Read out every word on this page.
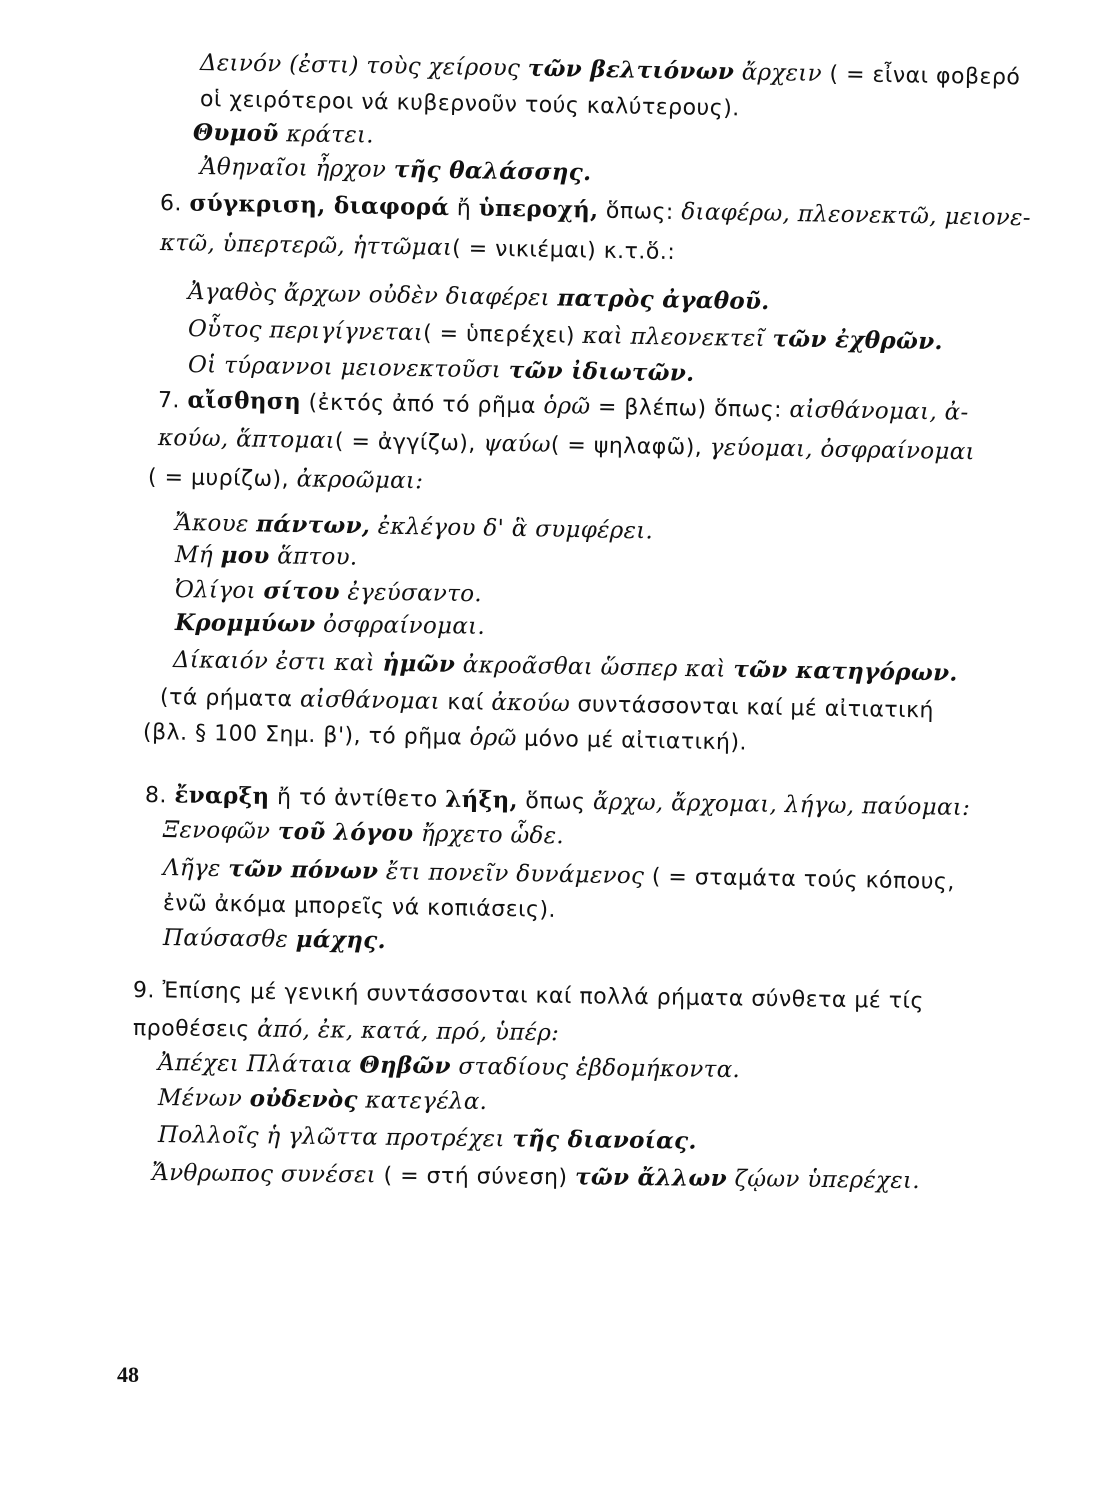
Δεινόν (ἐστι) τοὺς χείρους τῶν βελτιόνων ἄρχειν ( = εἶναι φοβερό
οἱ χειρότεροι νά κυβερνοῦν τούς καλύτερους).
Θυμοῦ κράτει.
Ἀθηναῖοι ἦρχον τῆς θαλάσσης.
6. σύγκριση, διαφορά ἤ ὑπεροχή, ὅπως: διαφέρω, πλεονεκτῶ, μειονε-
κτῶ, ὑπερτερῶ, ἡττῶμαι( = νικιέμαι) κ.τ.ὅ.:
Ἀγαθὸς ἄρχων οὐδὲν διαφέρει πατρὸς ἀγαθοῦ.
Οὗτος περιγίγνεται( = ὑπερέχει) καὶ πλεονεκτεῖ τῶν ἐχθρῶν.
Οἱ τύραννοι μειονεκτοῦσι τῶν ἰδιωτῶν.
7. αἴσθηση (ἐκτός ἀπό τό ρῆμα ὁρῶ = βλέπω) ὅπως: αἰσθάνομαι, ἀ-
κούω, ἅπτομαι( = ἀγγίζω), ψαύω( = ψηλαφῶ), γεύομαι, ὀσφραίνομαι
( = μυρίζω), ἀκροῶμαι:
Ἄκουε πάντων, ἐκλέγου δ' ἃ συμφέρει.
Μή μου ἅπτου.
Ὀλίγοι σίτου ἐγεύσαντο.
Κρομμύων ὀσφραίνομαι.
Δίκαιόν ἐστι καὶ ἡμῶν ἀκροᾶσθαι ὥσπερ καὶ τῶν κατηγόρων.
(τά ρήματα αἰσθάνομαι καί ἀκούω συντάσσονται καί μέ αἰτιατική
(βλ. § 100 Σημ. β'), τό ρῆμα ὁρῶ μόνο μέ αἰτιατική).
8. ἔναρξη ἤ τό ἀντίθετο λήξη, ὅπως ἄρχω, ἄρχομαι, λήγω, παύομαι:
Ξενοφῶν τοῦ λόγου ἤρχετο ὧδε.
Λῆγε τῶν πόνων ἔτι πονεῖν δυνάμενος ( = σταμάτα τούς κόπους,
ἐνῶ ἀκόμα μπορεῖς νά κοπιάσεις).
Παύσασθε μάχης.
9. Ἐπίσης μέ γενική συντάσσονται καί πολλά ρήματα σύνθετα μέ τίς
προθέσεις ἀπό, ἐκ, κατά, πρό, ὑπέρ:
Ἀπέχει Πλάταια Θηβῶν σταδίους ἑβδομήκοντα.
Μένων οὐδενὸς κατεγέλα.
Πολλοῖς ἡ γλῶττα προτρέχει τῆς διανοίας.
Ἄνθρωπος συνέσει ( = στή σύνεση) τῶν ἄλλων ζῴων ὑπερέχει.
48
